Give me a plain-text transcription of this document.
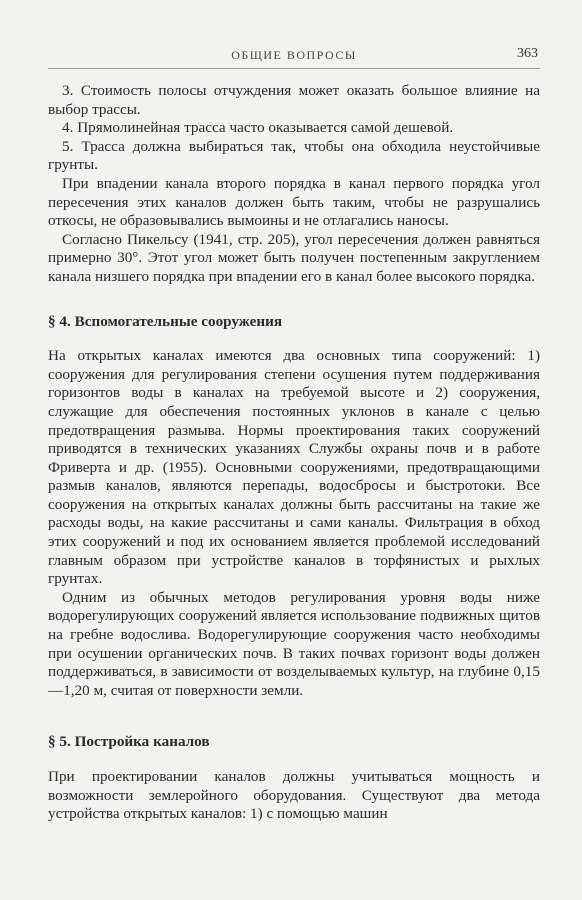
ОБЩИЕ ВОПРОСЫ	363

3. Стоимость полосы отчуждения может оказать большое влияние на выбор трассы.

4. Прямолинейная трасса часто оказывается самой дешевой.

5. Трасса должна выбираться так, чтобы она обходила неустойчивые грунты.

При впадении канала второго порядка в канал первого порядка угол пересечения этих каналов должен быть таким, чтобы не разрушались откосы, не образовывались вымоины и не отлагались наносы.

Согласно Пикельсу (1941, стр. 205), угол пересечения должен равняться примерно 30°. Этот угол может быть получен постепенным закруглением канала низшего порядка при впадении его в канал более высокого порядка.

§ 4. Вспомогательные сооружения

На открытых каналах имеются два основных типа сооружений: 1) сооружения для регулирования степени осушения путем поддерживания горизонтов воды в каналах на требуемой высоте и 2) сооружения, служащие для обеспечения постоянных уклонов в канале с целью предотвращения размыва. Нормы проектирования таких сооружений приводятся в технических указаниях Службы охраны почв и в работе Фриверта и др. (1955). Основными сооружениями, предотвращающими размыв каналов, являются перепады, водосбросы и быстротоки. Все сооружения на открытых каналах должны быть рассчитаны на такие же расходы воды, на какие рассчитаны и сами каналы. Фильтрация в обход этих сооружений и под их основанием является проблемой исследований главным образом при устройстве каналов в торфянистых и рыхлых грунтах.

Одним из обычных методов регулирования уровня воды ниже водорегулирующих сооружений является использование подвижных щитов на гребне водослива. Водорегулирующие сооружения часто необходимы при осушении органических почв. В таких почвах горизонт воды должен поддерживаться, в зависимости от возделываемых культур, на глубине 0,15—1,20 м, считая от поверхности земли.

§ 5. Постройка каналов

При проектировании каналов должны учитываться мощность и возможности землеройного оборудования. Существуют два метода устройства открытых каналов: 1) с помощью машин
